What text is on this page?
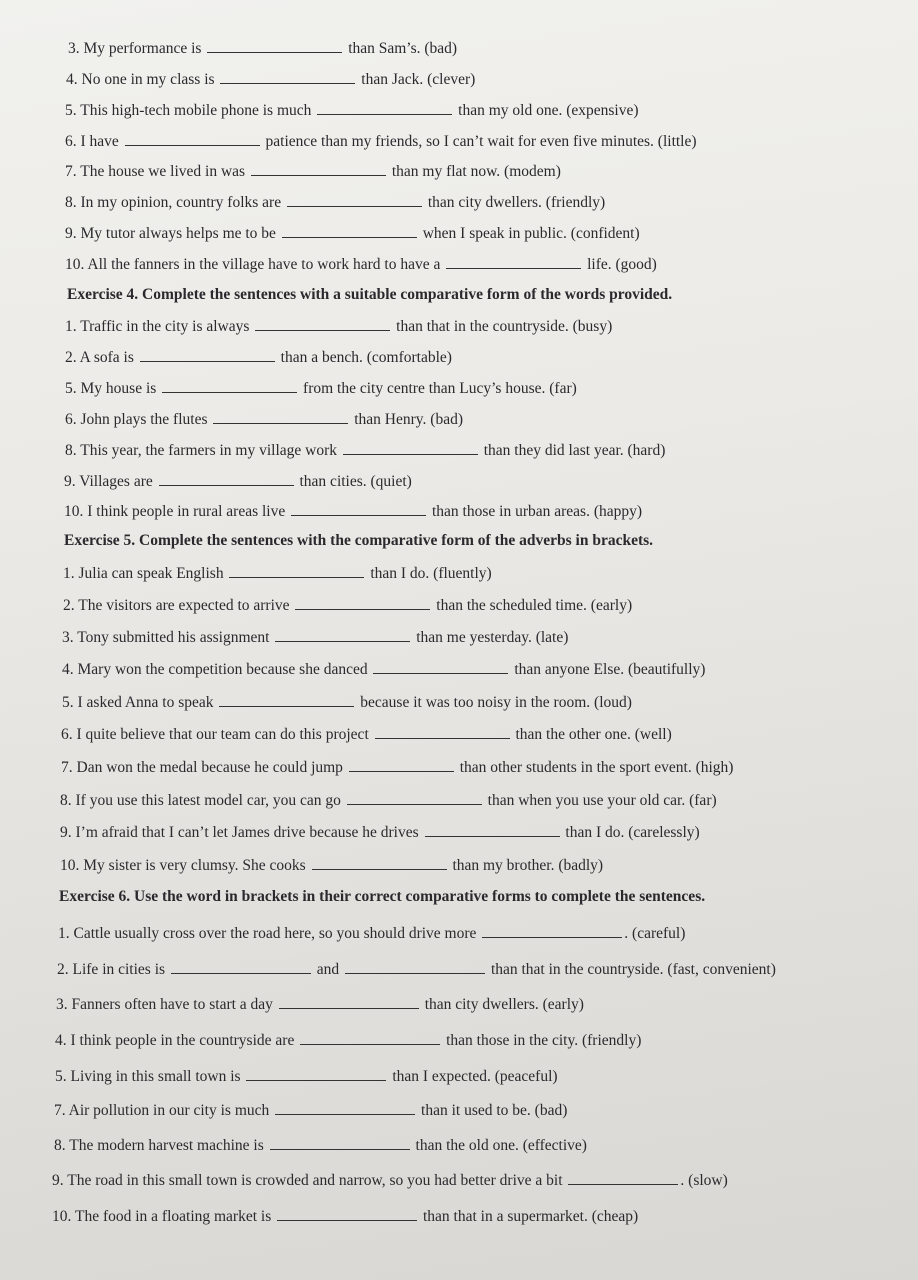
3. My performance is	than Sam’s. (bad)
4. No one in my class is	than Jack. (clever)
5. This high-tech mobile phone is much	than my old one. (expensive)
6. I have	patience than my friends, so I can’t wait for even five minutes. (little)
7. The house we lived in was	than my flat now. (modem)
8. In my opinion, country folks are	than city dwellers. (friendly)
9. My tutor always helps me to be	when I speak in public. (confident)
10. All the fanners in the village have to work hard to have a	life. (good)
Exercise 4. Complete the sentences with a suitable comparative form of the words provided.
1. Traffic in the city is always	than that in the countryside. (busy)
2. A sofa is	than a bench. (comfortable)
5. My house is	from the city centre than Lucy’s house. (far)
6. John plays the flutes	than Henry. (bad)
8. This year, the farmers in my village work	than they did last year. (hard)
9. Villages are	than cities. (quiet)
10. I think people in rural areas live	than those in urban areas. (happy)
Exercise 5. Complete the sentences with the comparative form of the adverbs in brackets.
1. Julia can speak English	than I do. (fluently)
2. The visitors are expected to arrive	than the scheduled time. (early)
3. Tony submitted his assignment	than me yesterday. (late)
4. Mary won the competition because she danced	than anyone Else. (beautifully)
5. I asked Anna to speak	because it was too noisy in the room. (loud)
6. I quite believe that our team can do this project	than the other one. (well)
7. Dan won the medal because he could jump	than other students in the sport event. (high)
8. If you use this latest model car, you can go	than when you use your old car. (far)
9. I’m afraid that I can’t let James drive because he drives	than I do. (carelessly)
10. My sister is very clumsy. She cooks	than my brother. (badly)
Exercise 6. Use the word in brackets in their correct comparative forms to complete the sentences.
1. Cattle usually cross over the road here, so you should drive more	. (careful)
2. Life in cities is	and	than that in the countryside. (fast, convenient)
3. Fanners often have to start a day	than city dwellers. (early)
4. I think people in the countryside are	than those in the city. (friendly)
5. Living in this small town is	than I expected. (peaceful)
7. Air pollution in our city is much	than it used to be. (bad)
8. The modern harvest machine is	than the old one. (effective)
9. The road in this small town is crowded and narrow, so you had better drive a bit	. (slow)
10. The food in a floating market is	than that in a supermarket. (cheap)
